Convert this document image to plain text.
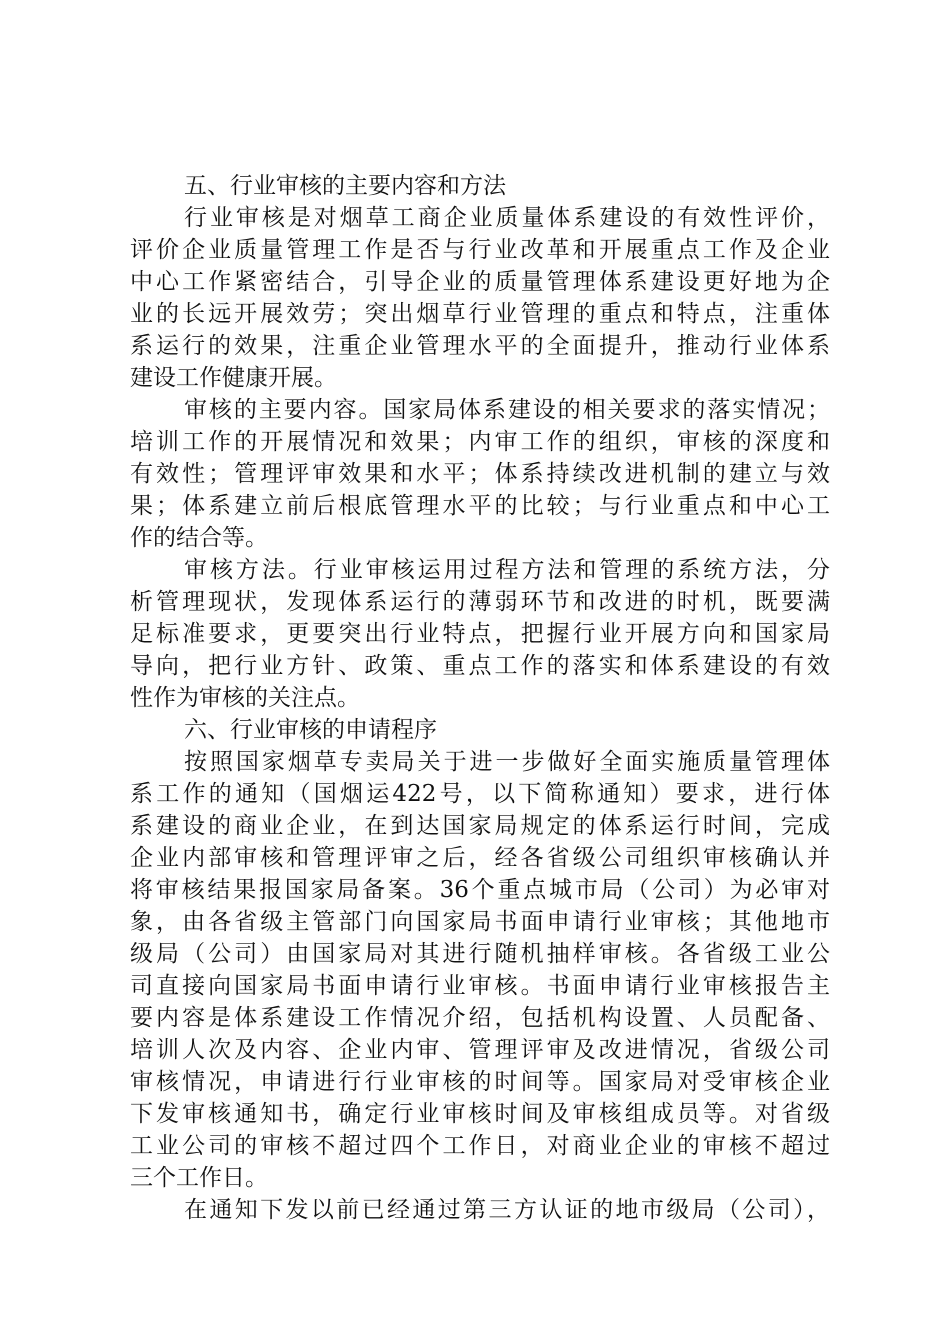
五、行业审核的主要内容和方法
行业审核是对烟草工商企业质量体系建设的有效性评价，
评价企业质量管理工作是否与行业改革和开展重点工作及企业
中心工作紧密结合，引导企业的质量管理体系建设更好地为企
业的长远开展效劳；突出烟草行业管理的重点和特点，注重体
系运行的效果，注重企业管理水平的全面提升，推动行业体系
建设工作健康开展。
审核的主要内容。国家局体系建设的相关要求的落实情况；
培训工作的开展情况和效果；内审工作的组织，审核的深度和
有效性；管理评审效果和水平；体系持续改进机制的建立与效
果；体系建立前后根底管理水平的比较；与行业重点和中心工
作的结合等。
审核方法。行业审核运用过程方法和管理的系统方法，分
析管理现状，发现体系运行的薄弱环节和改进的时机，既要满
足标准要求，更要突出行业特点，把握行业开展方向和国家局
导向，把行业方针、政策、重点工作的落实和体系建设的有效
性作为审核的关注点。
六、行业审核的申请程序
按照国家烟草专卖局关于进一步做好全面实施质量管理体
系工作的通知（国烟运422号，以下简称通知）要求，进行体
系建设的商业企业，在到达国家局规定的体系运行时间，完成
企业内部审核和管理评审之后，经各省级公司组织审核确认并
将审核结果报国家局备案。36个重点城市局（公司）为必审对
象，由各省级主管部门向国家局书面申请行业审核；其他地市
级局（公司）由国家局对其进行随机抽样审核。各省级工业公
司直接向国家局书面申请行业审核。书面申请行业审核报告主
要内容是体系建设工作情况介绍，包括机构设置、人员配备、
培训人次及内容、企业内审、管理评审及改进情况，省级公司
审核情况，申请进行行业审核的时间等。国家局对受审核企业
下发审核通知书，确定行业审核时间及审核组成员等。对省级
工业公司的审核不超过四个工作日，对商业企业的审核不超过
三个工作日。
在通知下发以前已经通过第三方认证的地市级局（公司），
